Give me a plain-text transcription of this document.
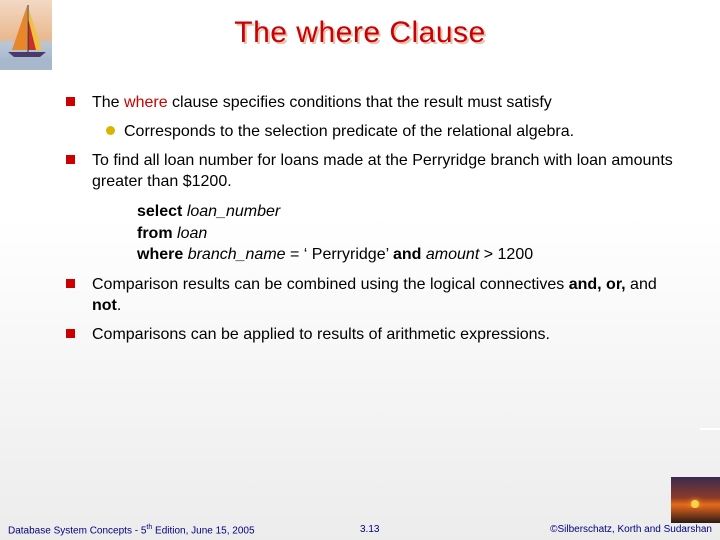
The where Clause
The where clause specifies conditions that the result must satisfy
Corresponds to the selection predicate of the relational algebra.
To find all loan number for loans made at the Perryridge branch with loan amounts greater than $1200.
select loan_number
from loan
where branch_name = ‘ Perryridge’ and amount > 1200
Comparison results can be combined using the logical connectives and, or, and not.
Comparisons can be applied to results of arithmetic expressions.
Database System Concepts - 5th Edition, June 15, 2005	3.13	©Silberschatz, Korth and Sudarshan
